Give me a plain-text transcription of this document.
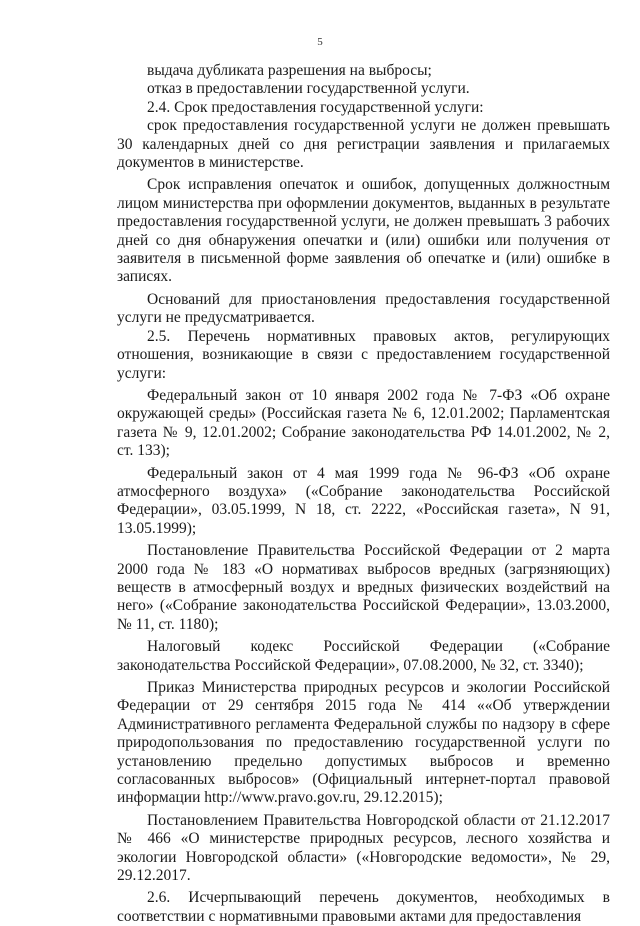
5

выдача дубликата разрешения на выбросы;

отказ в предоставлении государственной услуги.

2.4. Срок предоставления государственной услуги:

срок предоставления государственной услуги не должен превышать 30 календарных дней со дня регистрации заявления и прилагаемых документов в министерстве.

Срок исправления опечаток и ошибок, допущенных должностным лицом министерства при оформлении документов, выданных в результате предоставления государственной услуги, не должен превышать 3 рабочих дней со дня обнаружения опечатки и (или) ошибки или получения от заявителя в письменной форме заявления об опечатке и (или) ошибке в записях.

Оснований для приостановления предоставления государственной услуги не предусматривается.

2.5. Перечень нормативных правовых актов, регулирующих отношения, возникающие в связи с предоставлением государственной услуги:

Федеральный закон от 10 января 2002 года № 7-ФЗ «Об охране окружающей среды» (Российская газета № 6, 12.01.2002; Парламентская газета № 9, 12.01.2002; Собрание законодательства РФ 14.01.2002, № 2, ст. 133);

Федеральный закон от 4 мая 1999 года № 96-ФЗ «Об охране атмосферного воздуха» («Собрание законодательства Российской Федерации», 03.05.1999, N 18, ст. 2222, «Российская газета», N 91, 13.05.1999);

Постановление Правительства Российской Федерации от 2 марта 2000 года № 183 «О нормативах выбросов вредных (загрязняющих) веществ в атмосферный воздух и вредных физических воздействий на него» («Собрание законодательства Российской Федерации», 13.03.2000, № 11, ст. 1180);

Налоговый кодекс Российской Федерации («Собрание законодательства Российской Федерации», 07.08.2000, № 32, ст. 3340);

Приказ Министерства природных ресурсов и экологии Российской Федерации от 29 сентября 2015 года № 414 ««Об утверждении Административного регламента Федеральной службы по надзору в сфере природопользования по предоставлению государственной услуги по установлению предельно допустимых выбросов и временно согласованных выбросов» (Официальный интернет-портал правовой информации http://www.pravo.gov.ru, 29.12.2015);

Постановлением Правительства Новгородской области от 21.12.2017 № 466 «О министерстве природных ресурсов, лесного хозяйства и экологии Новгородской области» («Новгородские ведомости», № 29, 29.12.2017.

2.6. Исчерпывающий перечень документов, необходимых в соответствии с нормативными правовыми актами для предоставления
